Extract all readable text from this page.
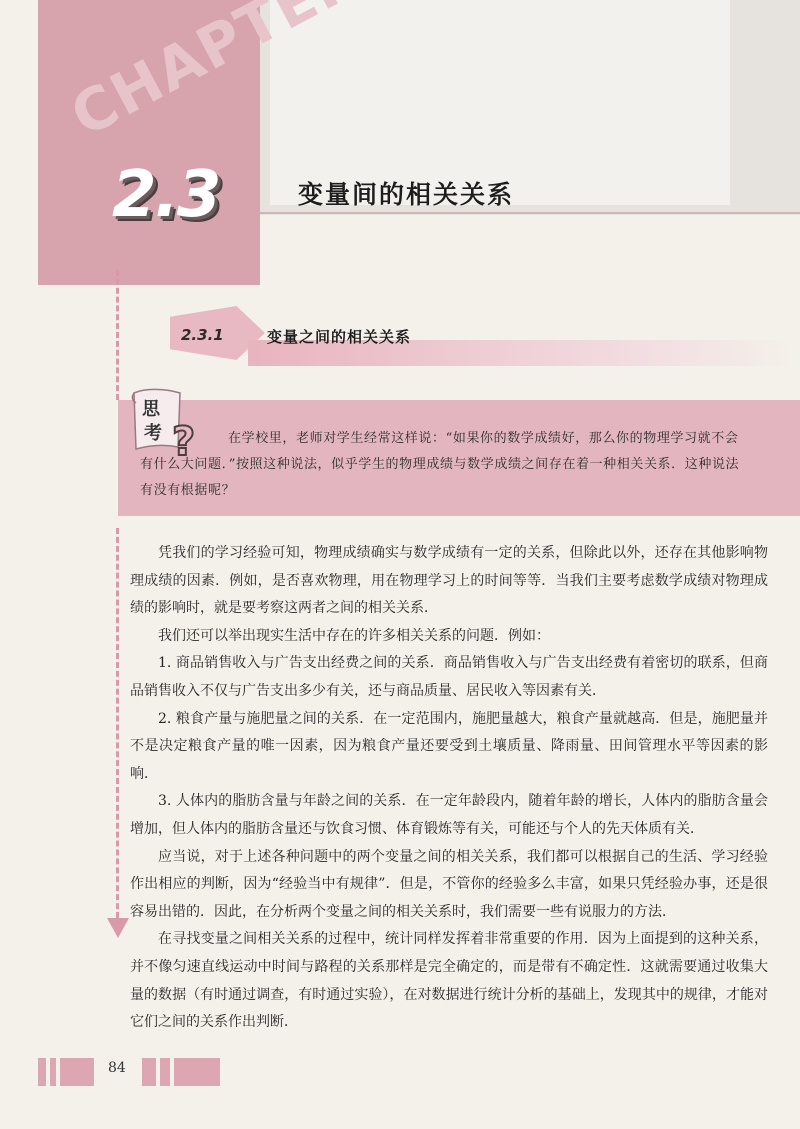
CHAPTER
2.3	变量间的相关关系
2.3.1	变量之间的相关关系
思
考 ?	在学校里，老师对学生经常这样说：“如果你的数学成绩好，那么你的物理学习就不会有什么大问题．”按照这种说法，似乎学生的物理成绩与数学成绩之间存在着一种相关关系．这种说法有没有根据呢？

凭我们的学习经验可知，物理成绩确实与数学成绩有一定的关系，但除此以外，还存在其他影响物理成绩的因素．例如，是否喜欢物理，用在物理学习上的时间等等．当我们主要考虑数学成绩对物理成绩的影响时，就是要考察这两者之间的相关关系．

我们还可以举出现实生活中存在的许多相关关系的问题．例如：

1. 商品销售收入与广告支出经费之间的关系．商品销售收入与广告支出经费有着密切的联系，但商品销售收入不仅与广告支出多少有关，还与商品质量、居民收入等因素有关．

2. 粮食产量与施肥量之间的关系．在一定范围内，施肥量越大，粮食产量就越高．但是，施肥量并不是决定粮食产量的唯一因素，因为粮食产量还要受到土壤质量、降雨量、田间管理水平等因素的影响．

3. 人体内的脂肪含量与年龄之间的关系．在一定年龄段内，随着年龄的增长，人体内的脂肪含量会增加，但人体内的脂肪含量还与饮食习惯、体育锻炼等有关，可能还与个人的先天体质有关．

应当说，对于上述各种问题中的两个变量之间的相关关系，我们都可以根据自己的生活、学习经验作出相应的判断，因为“经验当中有规律”．但是，不管你的经验多么丰富，如果只凭经验办事，还是很容易出错的．因此，在分析两个变量之间的相关关系时，我们需要一些有说服力的方法．

在寻找变量之间相关关系的过程中，统计同样发挥着非常重要的作用．因为上面提到的这种关系，并不像匀速直线运动中时间与路程的关系那样是完全确定的，而是带有不确定性．这就需要通过收集大量的数据（有时通过调查，有时通过实验），在对数据进行统计分析的基础上，发现其中的规律，才能对它们之间的关系作出判断．

84
